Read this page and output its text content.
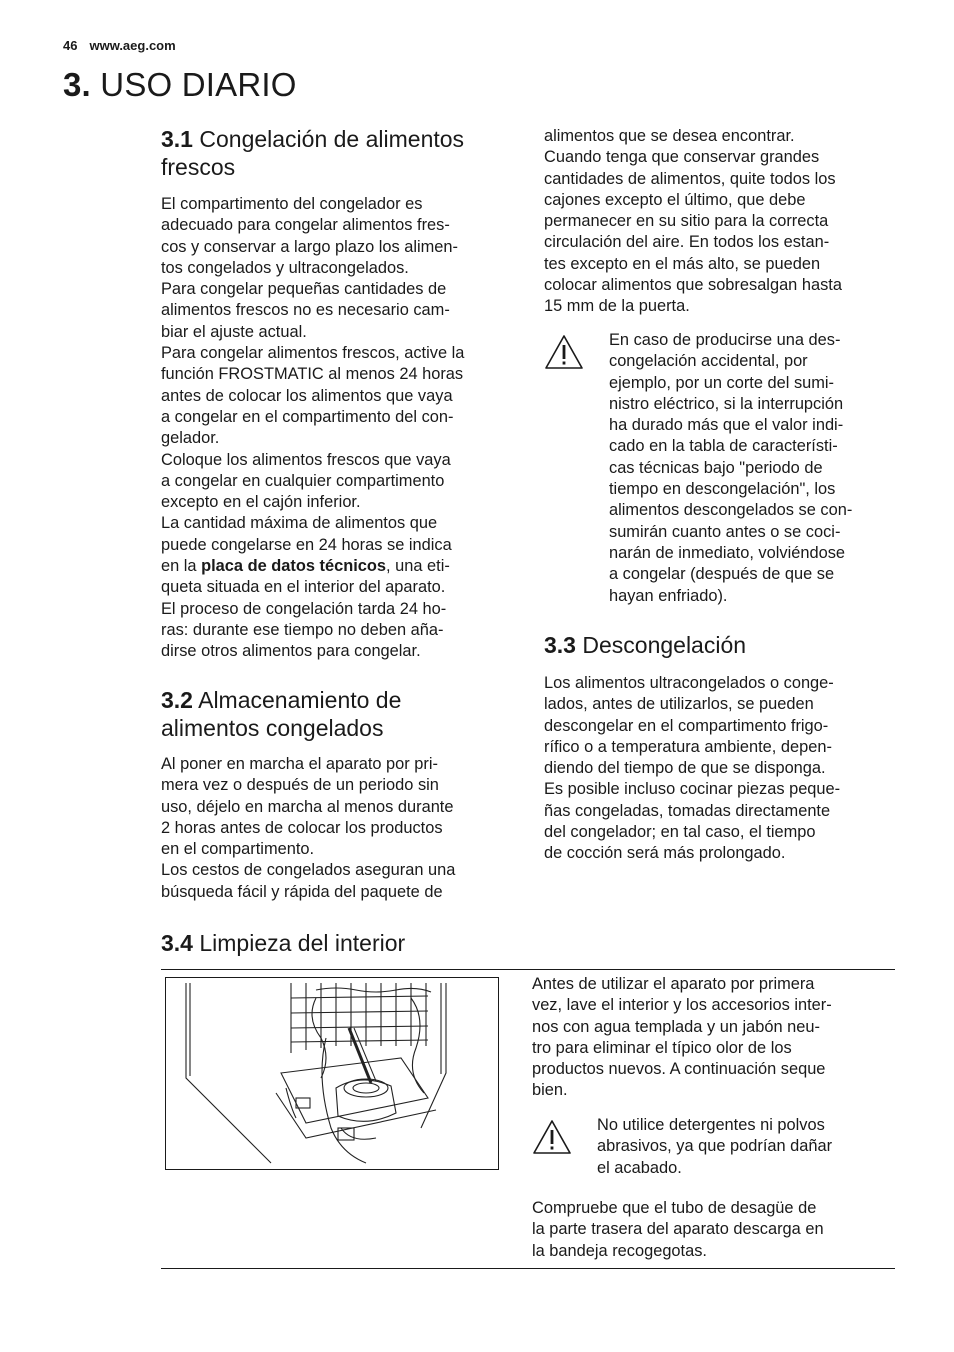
46 www.aeg.com
3. USO DIARIO
3.1 Congelación de alimentos
frescos
El compartimento del congelador es
adecuado para congelar alimentos fres-
cos y conservar a largo plazo los alimen-
tos congelados y ultracongelados.
Para congelar pequeñas cantidades de
alimentos frescos no es necesario cam-
biar el ajuste actual.
Para congelar alimentos frescos, active la
función FROSTMATIC al menos 24 horas
antes de colocar los alimentos que vaya
a congelar en el compartimento del con-
gelador.
Coloque los alimentos frescos que vaya
a congelar en cualquier compartimento
excepto en el cajón inferior.
La cantidad máxima de alimentos que
puede congelarse en 24 horas se indica
en la placa de datos técnicos, una eti-
queta situada en el interior del aparato.
El proceso de congelación tarda 24 ho-
ras: durante ese tiempo no deben aña-
dirse otros alimentos para congelar.
3.2 Almacenamiento de
alimentos congelados
Al poner en marcha el aparato por pri-
mera vez o después de un periodo sin
uso, déjelo en marcha al menos durante
2 horas antes de colocar los productos
en el compartimento.
Los cestos de congelados aseguran una
búsqueda fácil y rápida del paquete de
alimentos que se desea encontrar.
Cuando tenga que conservar grandes
cantidades de alimentos, quite todos los
cajones excepto el último, que debe
permanecer en su sitio para la correcta
circulación del aire. En todos los estan-
tes excepto en el más alto, se pueden
colocar alimentos que sobresalgan hasta
15 mm de la puerta.
En caso de producirse una des-
congelación accidental, por
ejemplo, por un corte del sumi-
nistro eléctrico, si la interrupción
ha durado más que el valor indi-
cado en la tabla de característi-
cas técnicas bajo "periodo de
tiempo en descongelación", los
alimentos descongelados se con-
sumirán cuanto antes o se coci-
narán de inmediato, volviéndose
a congelar (después de que se
hayan enfriado).
3.3 Descongelación
Los alimentos ultracongelados o conge-
lados, antes de utilizarlos, se pueden
descongelar en el compartimento frigo-
rífico o a temperatura ambiente, depen-
diendo del tiempo de que se disponga.
Es posible incluso cocinar piezas peque-
ñas congeladas, tomadas directamente
del congelador; en tal caso, el tiempo
de cocción será más prolongado.
3.4 Limpieza del interior
Antes de utilizar el aparato por primera
vez, lave el interior y los accesorios inter-
nos con agua templada y un jabón neu-
tro para eliminar el típico olor de los
productos nuevos. A continuación seque
bien.
No utilice detergentes ni polvos
abrasivos, ya que podrían dañar
el acabado.
Compruebe que el tubo de desagüe de
la parte trasera del aparato descarga en
la bandeja recogegotas.
